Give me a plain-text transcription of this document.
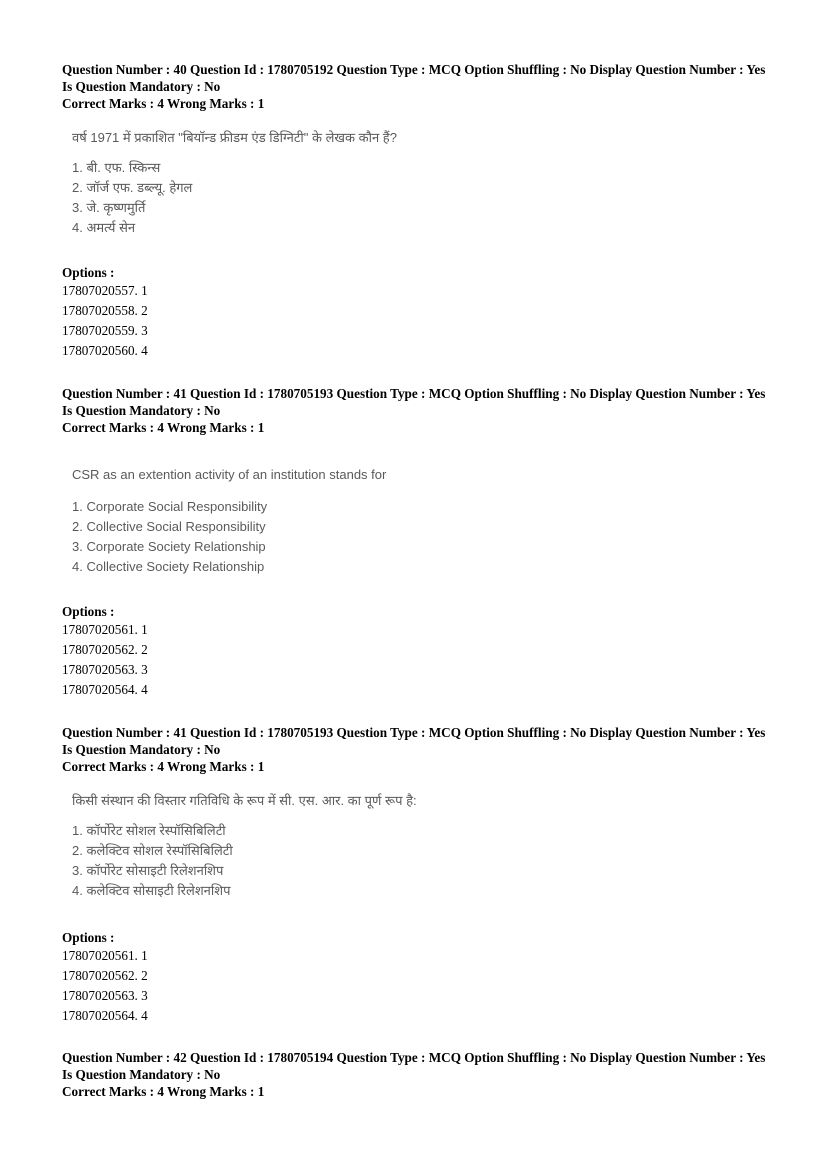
Question Number : 40 Question Id : 1780705192 Question Type : MCQ Option Shuffling : No Display Question Number : Yes
Is Question Mandatory : No
Correct Marks : 4 Wrong Marks : 1
वर्ष 1971 में प्रकाशित "बियॉन्ड फ्रीडम एंड डिग्निटी" के लेखक कौन हैं?
1. बी. एफ. स्किन्स
2. जॉर्ज एफ. डब्ल्यू. हेगल
3. जे. कृष्णमुर्ति
4. अमर्त्य सेन
Options :
17807020557. 1
17807020558. 2
17807020559. 3
17807020560. 4
Question Number : 41 Question Id : 1780705193 Question Type : MCQ Option Shuffling : No Display Question Number : Yes
Is Question Mandatory : No
Correct Marks : 4 Wrong Marks : 1
CSR as an extention activity of an institution stands for
1. Corporate Social Responsibility
2. Collective Social Responsibility
3. Corporate Society Relationship
4. Collective Society Relationship
Options :
17807020561. 1
17807020562. 2
17807020563. 3
17807020564. 4
Question Number : 41 Question Id : 1780705193 Question Type : MCQ Option Shuffling : No Display Question Number : Yes
Is Question Mandatory : No
Correct Marks : 4 Wrong Marks : 1
किसी संस्थान की विस्तार गतिविधि के रूप में सी. एस. आर. का पूर्ण रूप है:
1. कॉर्पोरेट सोशल रेस्पॉसिबिलिटी
2. कलेक्टिव सोशल रेस्पॉसिबिलिटी
3. कॉर्पोरेट सोसाइटी रिलेशनशिप
4. कलेक्टिव सोसाइटी रिलेशनशिप
Options :
17807020561. 1
17807020562. 2
17807020563. 3
17807020564. 4
Question Number : 42 Question Id : 1780705194 Question Type : MCQ Option Shuffling : No Display Question Number : Yes
Is Question Mandatory : No
Correct Marks : 4 Wrong Marks : 1
